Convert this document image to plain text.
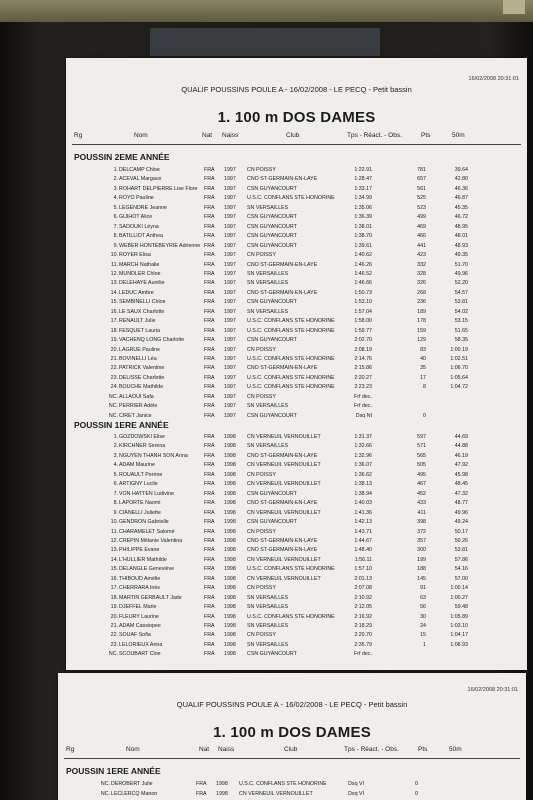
16/02/2008 20:31:01
QUALIF POUSSINS POULE A - 16/02/2008 - LE PECQ - Petit bassin
1. 100 m DOS DAMES
Rg	Nom	Nat Naiss	Club	Tps - Réact. - Obs.	Pts	50m
POUSSIN 2EME ANNÉE
1. DELCAMP Chloe	FRA 1997 CN POISSY	1:22.91	781	39.64
2. ACEVAL Margaux	FRA 1997 CNO ST-GERMAIN-EN-LAYE	1:28.47	657	42.80
3. ROHART DELPIERRE Lise Flore FRA 1997 CSN GUYANCOURT	1:33.17	561	46.36
4. ROYO Pauline	FRA 1997 U.S.C. CONFLANS STE HONORINE	1:34.99	525	46.87
5. LEGENDRE Jeanne	FRA 1997 SN VERSAILLES	1:35.06	523	45.35
6. GUIHOT Alice	FRA 1997 CSN GUYANCOURT	1:36.39	499	46.72
7. SADOUKI Léyna	FRA 1997 CSN GUYANCOURT	1:38.01	469	48.95
8. BATILLIOT Anthea	FRA 1997 CSN GUYANCOURT	1:38.70	466	48.01
9. WEBER HONTEBEYRIE Adrienne FRA 1997 CSN GUYANCOURT	1:39.61	441	48.93
10. ROYER Elisa	FRA 1997 CN POISSY	1:40.62	423	49.35
11. MARCH Nathalie	FRA 1997 CNO ST-GERMAIN-EN-LAYE	1:46.26	332	51.70
12. MUNDLER Chloe	FRA 1997 SN VERSAILLES	1:46.52	328	49.96
13. DELEHAYE Aurélie	FRA 1997 SN VERSAILLES	1:46.66	326	52.20
14. LEDUC Ambre	FRA 1997 CNO ST-GERMAIN-EN-LAYE	1:50.73	268	54.57
15. SEMBINELLI Chloe	FRA 1997 CSN GUYANCOURT	1:53.10	236	53.81
16. LE SAUX Charlotte	FRA 1997 SN VERSAILLES	1:57.04	189	54.02
17. RENAULT Julie	FRA 1997 U.S.C. CONFLANS STE HONORINE	1:58.00	178	53.15
18. FESQUET Lauria	FRA 1997 U.S.C. CONFLANS STE HONORINE	1:59.77	159	51.65
19. VACHENQ LONG Charlotte	FRA 1997 CSN GUYANCOURT	2:02.70	129	58.35
20. LAGRUE Pauline	FRA 1997 CN POISSY	2:08.19	83	1:00.19
21. BOVINELLI Léa	FRA 1997 U.S.C. CONFLANS STE HONORINE	2:14.76	40	1:02.51
22. PATRICK Valentine	FRA 1997 CNO ST-GERMAIN-EN-LAYE	2:15.86	35	1:06.70
23. DELISSE Charlotte	FRA 1997 U.S.C. CONFLANS STE HONORINE	2:20.27	17	1:05.64
24. BOUCHE Mathilde	FRA 1997 U.S.C. CONFLANS STE HONORINE	2:23.23	8	1:04.72
NC. ALLAOUI Safa	FRA 1997 CN POISSY	Frf dec.
NC. PERRIER Adèle	FRA 1997 SN VERSAILLES	Frf dec.
NC. CIRET Janice	FRA 1997 CSN GUYANCOURT	Dsq NI	0
POUSSIN 1ERE ANNÉE
1. GOZDOWSKI Elise	FRA 1998 CN VERNEUIL VERNOUILLET	1:31.37	597	44.69
2. KIRCHNER Serena	FRA 1998 SN VERSAILLES	1:32.66	571	44.88
3. NGUYEN THANH SON Anna	FRA 1998 CNO ST-GERMAIN-EN-LAYE	1:32.96	565	46.19
4. ADAM Maurine	FRA 1998 CN VERNEUIL VERNOUILLET	1:36.07	505	47.92
5. ROUAULT Perrine	FRA 1998 CN POISSY	1:36.62	495	45.98
6. ARTIGNY Lucile	FRA 1998 CN VERNEUIL VERNOUILLET	1:38.13	467	48.45
7. VON HATTEN Ludivine	FRA 1998 CSN GUYANCOURT	1:38.94	452	47.32
8. LAPORTE Naomi	FRA 1998 CNO ST-GERMAIN-EN-LAYE	1:40.03	433	48.77
9. CIANELLI Juliette	FRA 1998 CN VERNEUIL VERNOUILLET	1:41.36	411	49.96
10. GENDRON Gabrielle	FRA 1998 CSN GUYANCOURT	1:42.13	398	49.24
11. CHARAMELET Salomé	FRA 1998 CN POISSY	1:43.71	372	50.17
12. CREPIN Mélanie Valentina	FRA 1998 CNO ST-GERMAIN-EN-LAYE	1:44.67	357	50.26
13. PHILIPPE Evane	FRA 1998 CNO ST-GERMAIN-EN-LAYE	1:48.40	300	53.81
14. L'HULLIER Mathilde	FRA 1998 CN VERNEUIL VERNOUILLET	1:56.11	199	57.86
15. DELANGLE Geneviève	FRA 1998 U.S.C. CONFLANS STE HONORINE	1:57.10	188	54.16
16. THIBOUD Amélie	FRA 1998 CN VERNEUIL VERNOUILLET	2:01.13	145	57.00
17. CHERRARA Inès	FRA 1998 CN POISSY	2:07.08	91	1:00.14
18. MARTIN GERBAULT Jade	FRA 1998 SN VERSAILLES	2:10.92	63	1:00.27
19. DJEFFEL Marie	FRA 1998 SN VERSAILLES	2:12.05	56	59.48
20. FLEURY Laurine	FRA 1998 U.S.C. CONFLANS STE HONORINE	2:16.92	30	1:05.89
21. ADAM Cassiopee	FRA 1998 SN VERSAILLES	2:18.29	24	1:03.10
22. SOUAF Sofia	FRA 1998 CN POISSY	2:20.70	15	1:04.17
23. LELORIEUX Anna	FRA 1998 SN VERSAILLES	2:35.79	1	1:08.93
NC. SCOUBART Cloe	FRA 1998 CSN GUYANCOURT	Frf dec.
16/02/2008 20:31:01
QUALIF POUSSINS POULE A - 16/02/2008 - LE PECQ - Petit bassin
1. 100 m DOS DAMES
Rg	Nom	Nat Naiss	Club	Tps - Réact. - Obs.	Pts	50m
POUSSIN 1ERE ANNÉE
NC. DEROBERT Julie	FRA 1998 U.S.C. CONFLANS STE HONORINE	Dsq VI	0
NC. LECLERCQ Manon	FRA 1998 CN VERNEUIL VERNOUILLET	Dsq VI	0
